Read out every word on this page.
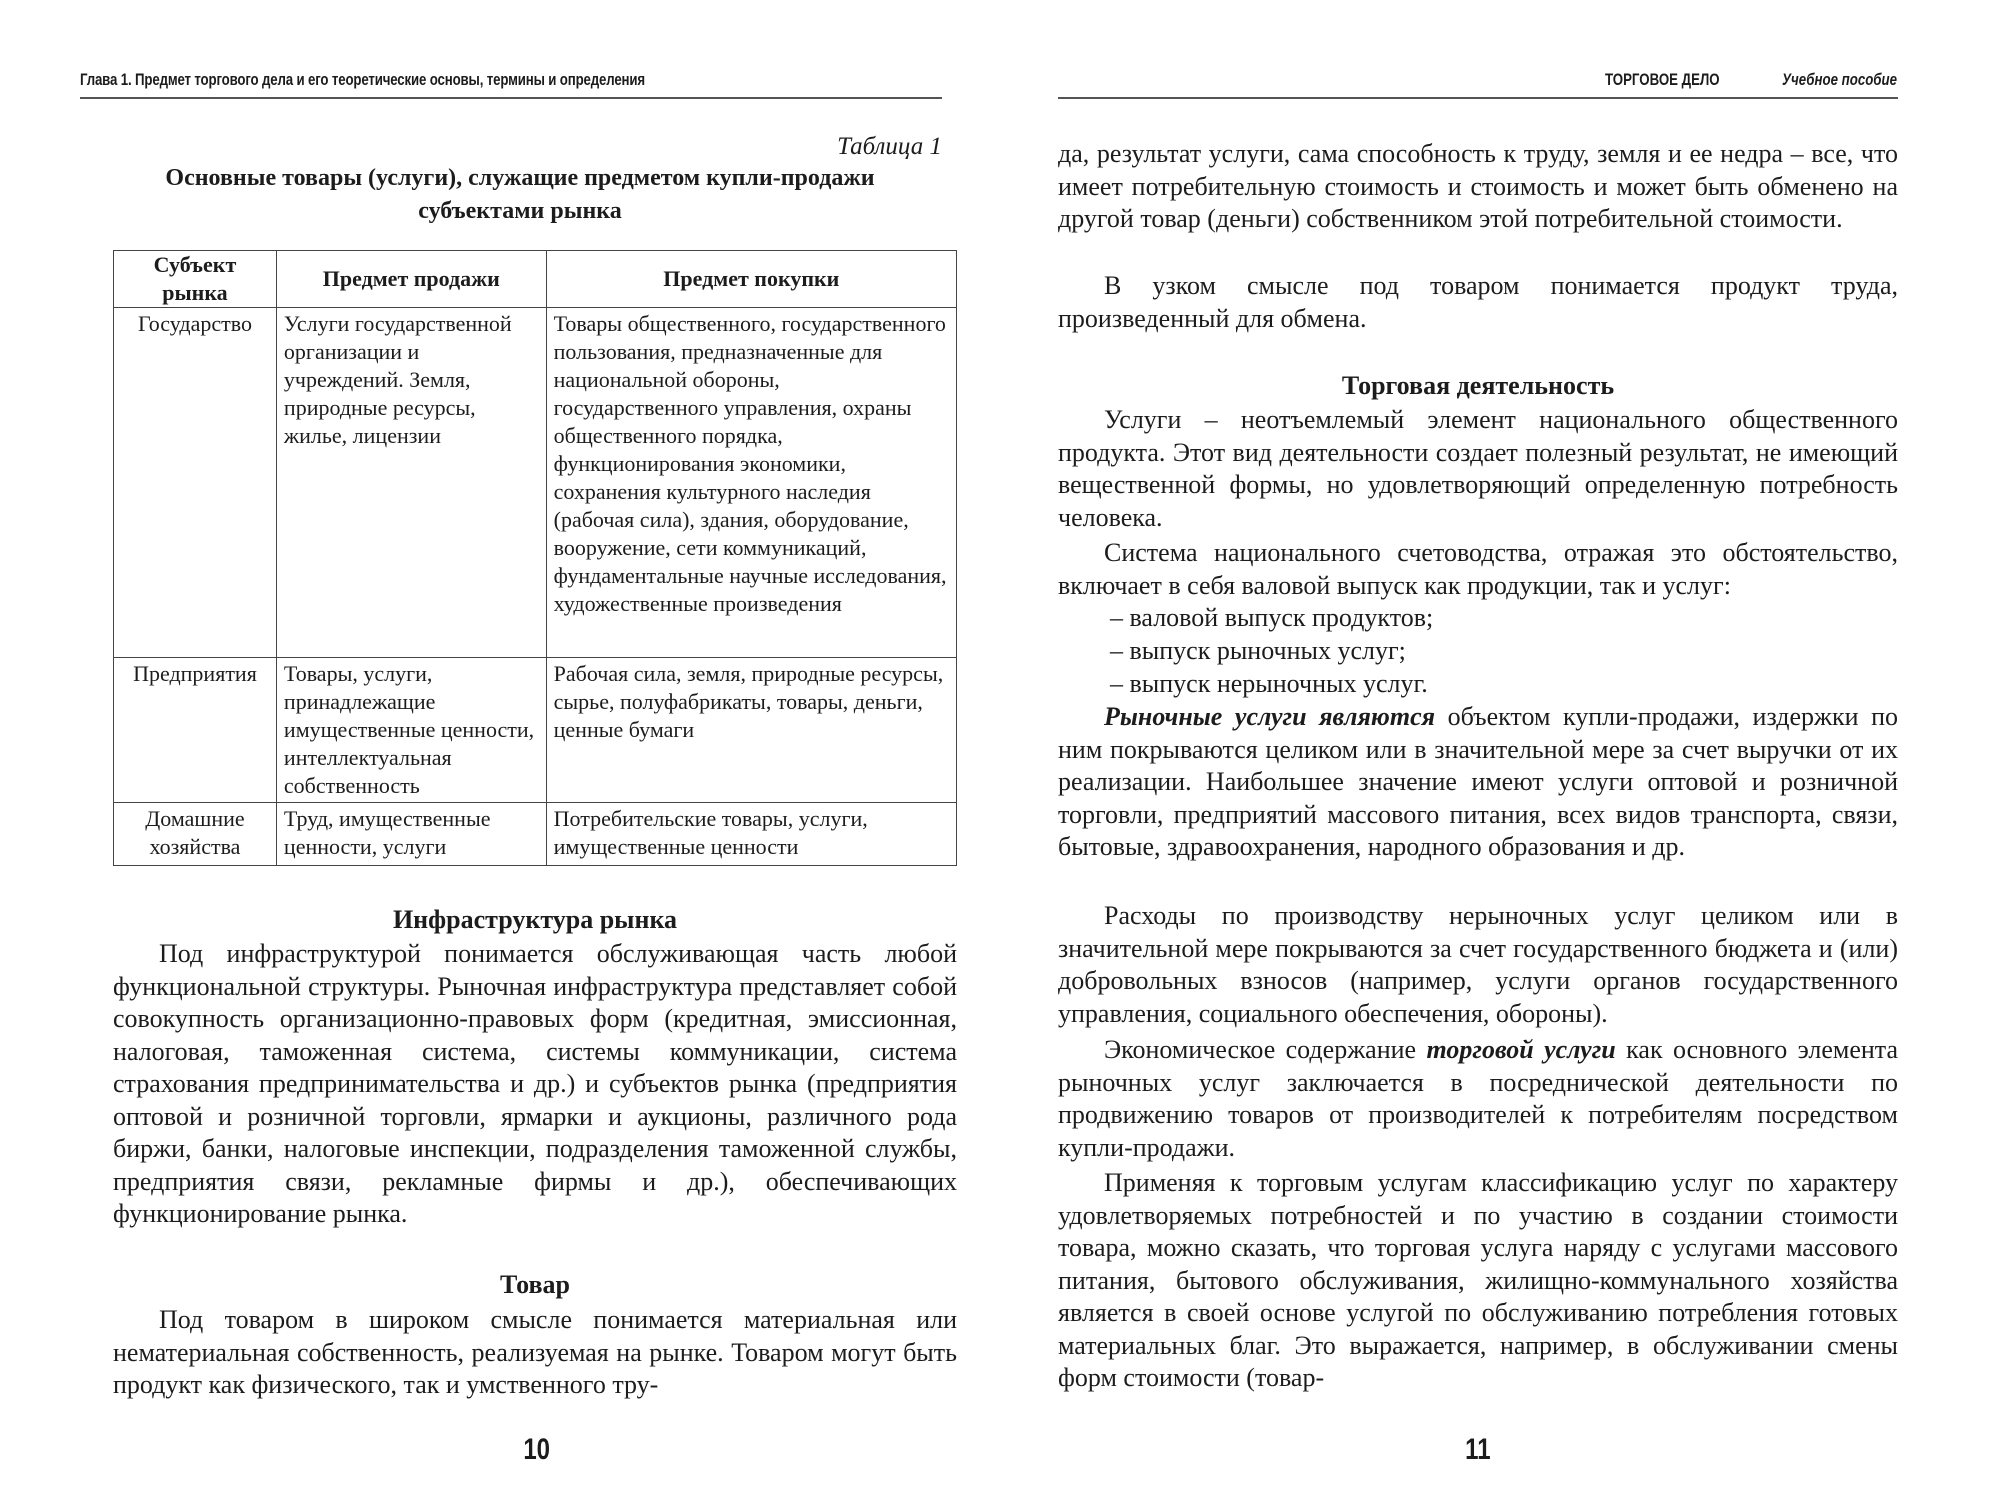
Глава 1. Предмет торгового дела и его теоретические основы, термины и определения
Таблица 1
Основные товары (услуги), служащие предметом купли-продажи
субъектами рынка
Субъект рынка	Предмет продажи	Предмет покупки
Государство	Услуги государственной организации и учреждений. Земля, природные ресурсы, жилье, лицензии	Товары общественного, государственного пользования, предназначенные для национальной обороны, государственного управления, охраны общественного порядка, функционирования экономики, сохранения культурного наследия (рабочая сила), здания, оборудование, вооружение, сети коммуникаций, фундаментальные научные исследования, художественные произведения
Предприятия	Товары, услуги, принадлежащие имущественные ценности, интеллектуальная собственность	Рабочая сила, земля, природные ресурсы, сырье, полуфабрикаты, товары, деньги, ценные бумаги
Домашние хозяйства	Труд, имущественные ценности, услуги	Потребительские товары, услуги, имущественные ценности
Инфраструктура рынка

Под инфраструктурой понимается обслуживающая часть любой функциональной структуры. Рыночная инфраструктура представляет собой совокупность организационно-правовых форм (кредитная, эмиссионная, налоговая, таможенная система, системы коммуникации, система страхования предпринимательства и др.) и субъектов рынка (предприятия оптовой и розничной торговли, ярмарки и аукционы, различного рода биржи, банки, налоговые инспекции, подразделения таможенной службы, предприятия связи, рекламные фирмы и др.), обеспечивающих функционирование рынка.

Товар

Под товаром в широком смысле понимается материальная или нематериальная собственность, реализуемая на рынке. Товаром могут быть продукт как физического, так и умственного тру-

10
ТОРГОВОЕ ДЕЛО	Учебное пособие

да, результат услуги, сама способность к труду, земля и ее недра – все, что имеет потребительную стоимость и стоимость и может быть обменено на другой товар (деньги) собственником этой потребительной стоимости.

В узком смысле под товаром понимается продукт труда, произведенный для обмена.

Торговая деятельность

Услуги – неотъемлемый элемент национального общественного продукта. Этот вид деятельности создает полезный результат, не имеющий вещественной формы, но удовлетворяющий определенную потребность человека.

Система национального счетоводства, отражая это обстоятельство, включает в себя валовой выпуск как продукции, так и услуг:

– валовой выпуск продуктов;
– выпуск рыночных услуг;
– выпуск нерыночных услуг.

Рыночные услуги являются объектом купли-продажи, издержки по ним покрываются целиком или в значительной мере за счет выручки от их реализации. Наибольшее значение имеют услуги оптовой и розничной торговли, предприятий массового питания, всех видов транспорта, связи, бытовые, здравоохранения, народного образования и др.

Расходы по производству нерыночных услуг целиком или в значительной мере покрываются за счет государственного бюджета и (или) добровольных взносов (например, услуги органов государственного управления, социального обеспечения, обороны).

Экономическое содержание торговой услуги как основного элемента рыночных услуг заключается в посреднической деятельности по продвижению товаров от производителей к потребителям посредством купли-продажи.

Применяя к торговым услугам классификацию услуг по характеру удовлетворяемых потребностей и по участию в создании стоимости товара, можно сказать, что торговая услуга наряду с услугами массового питания, бытового обслуживания, жилищно-коммунального хозяйства является в своей основе услугой по обслуживанию потребления готовых материальных благ. Это выражается, например, в обслуживании смены форм стоимости (товар-

11
